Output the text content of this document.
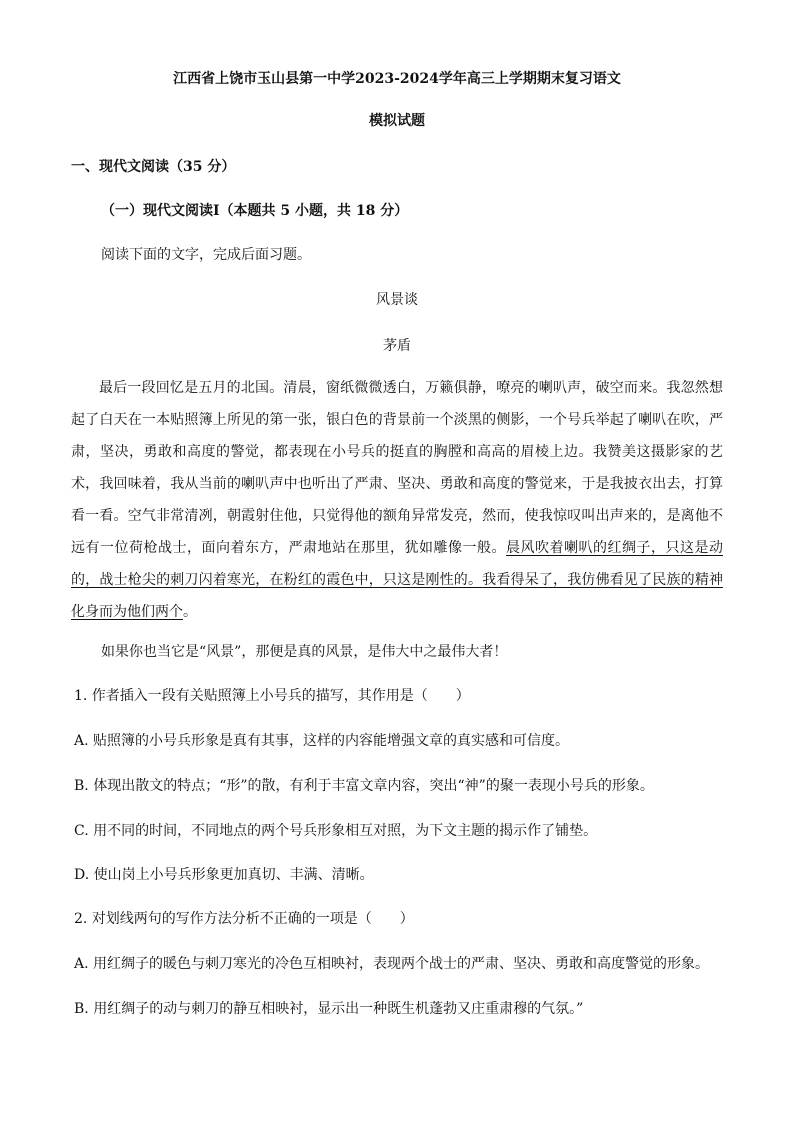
江西省上饶市玉山县第一中学2023-2024学年高三上学期期末复习语文
模拟试题
一、现代文阅读（35 分）
（一）现代文阅读Ⅰ（本题共 5 小题，共 18 分）
阅读下面的文字，完成后面习题。
风景谈
茅盾

最后一段回忆是五月的北国。清晨，窗纸微微透白，万籁俱静，嘹亮的喇叭声，破空而来。我忽然想起了白天在一本贴照簿上所见的第一张，银白色的背景前一个淡黑的侧影，一个号兵举起了喇叭在吹，严肃，坚决，勇敢和高度的警觉，都表现在小号兵的挺直的胸膛和高高的眉棱上边。我赞美这摄影家的艺术，我回味着，我从当前的喇叭声中也听出了严肃、坚决、勇敢和高度的警觉来，于是我披衣出去，打算看一看。空气非常清冽，朝霞射住他，只觉得他的额角异常发亮，然而，使我惊叹叫出声来的，是离他不远有一位荷枪战士，面向着东方，严肃地站在那里，犹如雕像一般。晨风吹着喇叭的红绸子，只这是动的，战士枪尖的刺刀闪着寒光，在粉红的霞色中，只这是刚性的。我看得呆了，我仿佛看见了民族的精神化身而为他们两个。

如果你也当它是“风景”，那便是真的风景，是伟大中之最伟大者！
1. 作者插入一段有关贴照簿上小号兵的描写，其作用是（　　）
A. 贴照簿的小号兵形象是真有其事，这样的内容能增强文章的真实感和可信度。
B. 体现出散文的特点；“形”的散，有利于丰富文章内容，突出“神”的聚一表现小号兵的形象。
C. 用不同的时间，不同地点的两个号兵形象相互对照，为下文主题的揭示作了铺垫。
D. 使山岗上小号兵形象更加真切、丰满、清晰。
2. 对划线两句的写作方法分析不正确的一项是（　　）
A. 用红绸子的暖色与刺刀寒光的冷色互相映衬，表现两个战士的严肃、坚决、勇敢和高度警觉的形象。
B. 用红绸子的动与刺刀的静互相映衬，显示出一种既生机蓬勃又庄重肃穆的气氛。”
